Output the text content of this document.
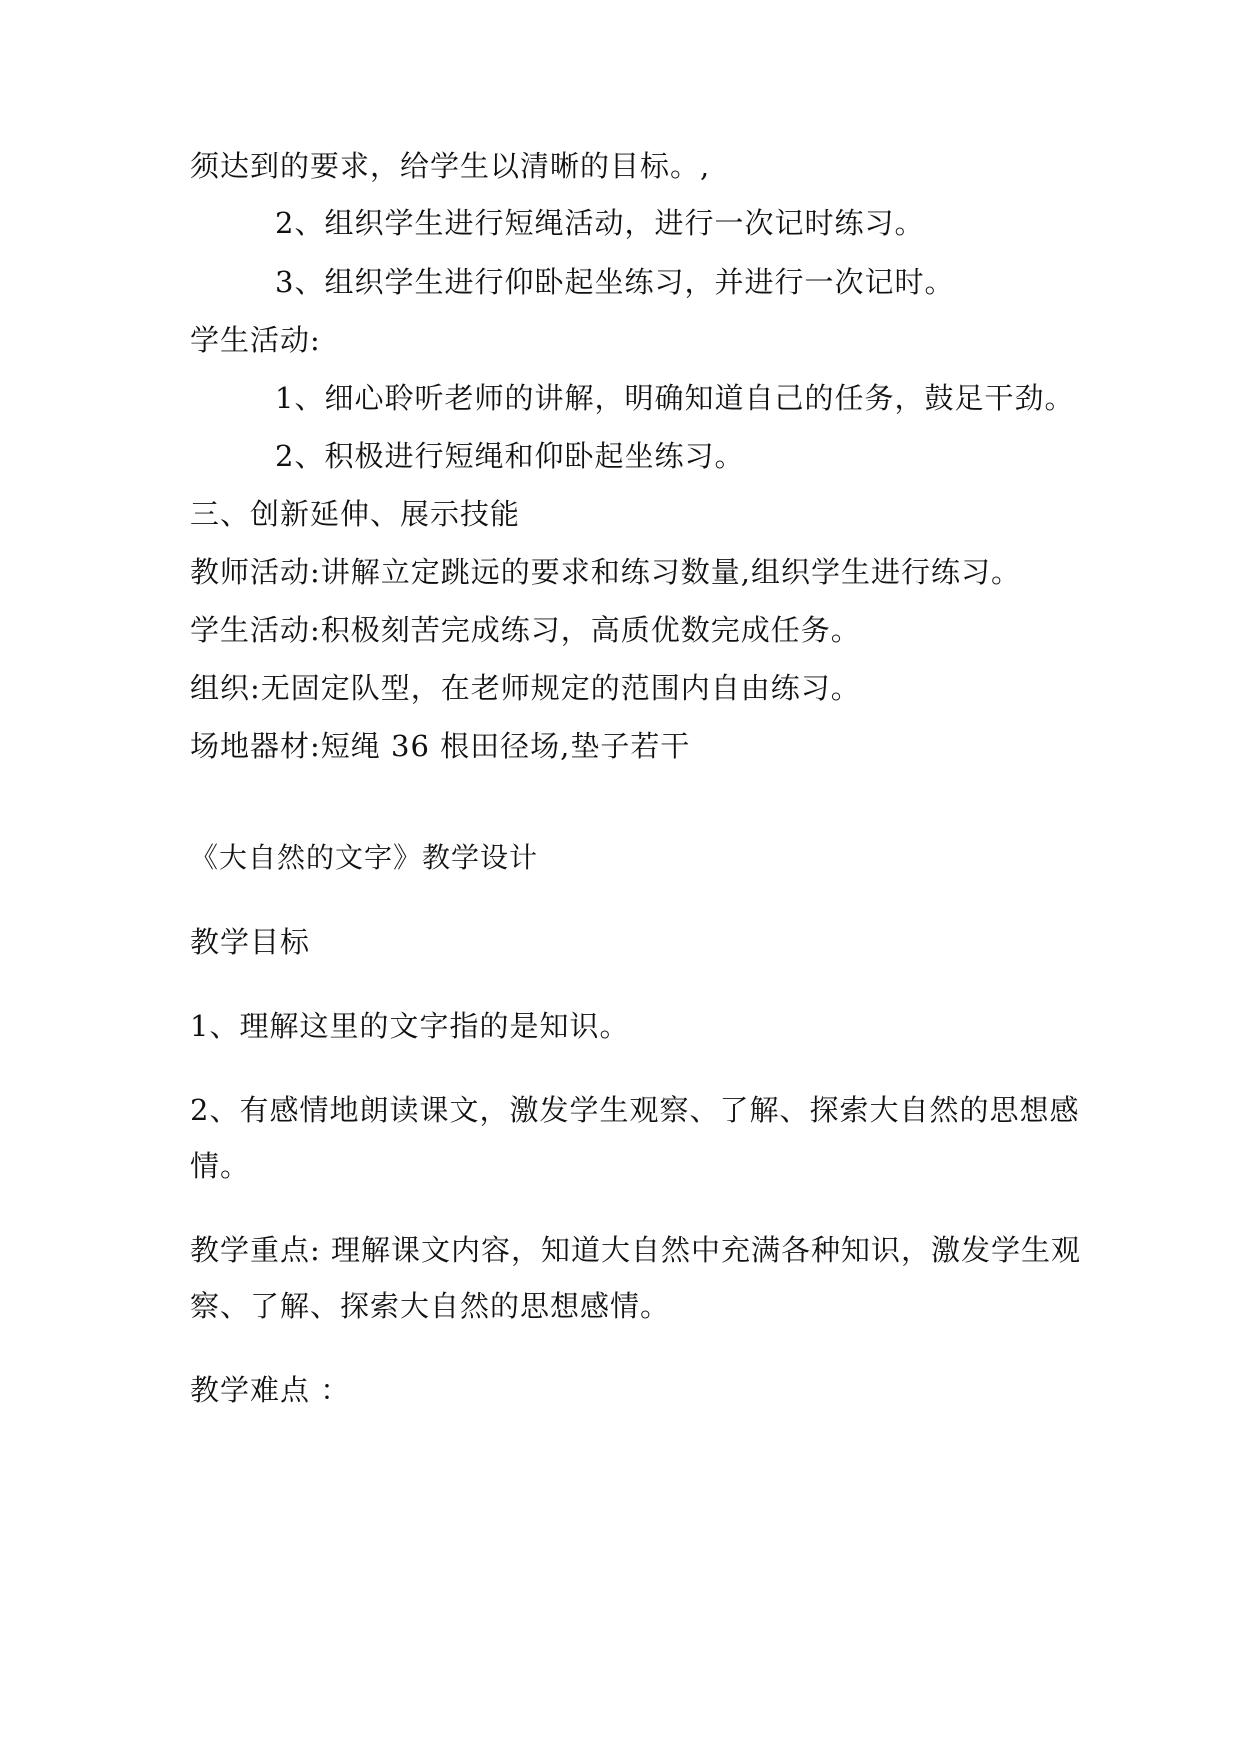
须达到的要求，给学生以清晰的目标。,
2、组织学生进行短绳活动，进行一次记时练习。
3、组织学生进行仰卧起坐练习，并进行一次记时。
学生活动:
1、细心聆听老师的讲解，明确知道自己的任务，鼓足干劲。
2、积极进行短绳和仰卧起坐练习。
三、创新延伸、展示技能
教师活动:讲解立定跳远的要求和练习数量,组织学生进行练习。
学生活动:积极刻苦完成练习，高质优数完成任务。
组织:无固定队型，在老师规定的范围内自由练习。
场地器材:短绳 36 根田径场,垫子若干
《大自然的文字》教学设计
教学目标
1、理解这里的文字指的是知识。
2、有感情地朗读课文，激发学生观察、了解、探索大自然的思想感
情。
教学重点: 理解课文内容，知道大自然中充满各种知识，激发学生观
察、了解、探索大自然的思想感情。
教学难点 ：
